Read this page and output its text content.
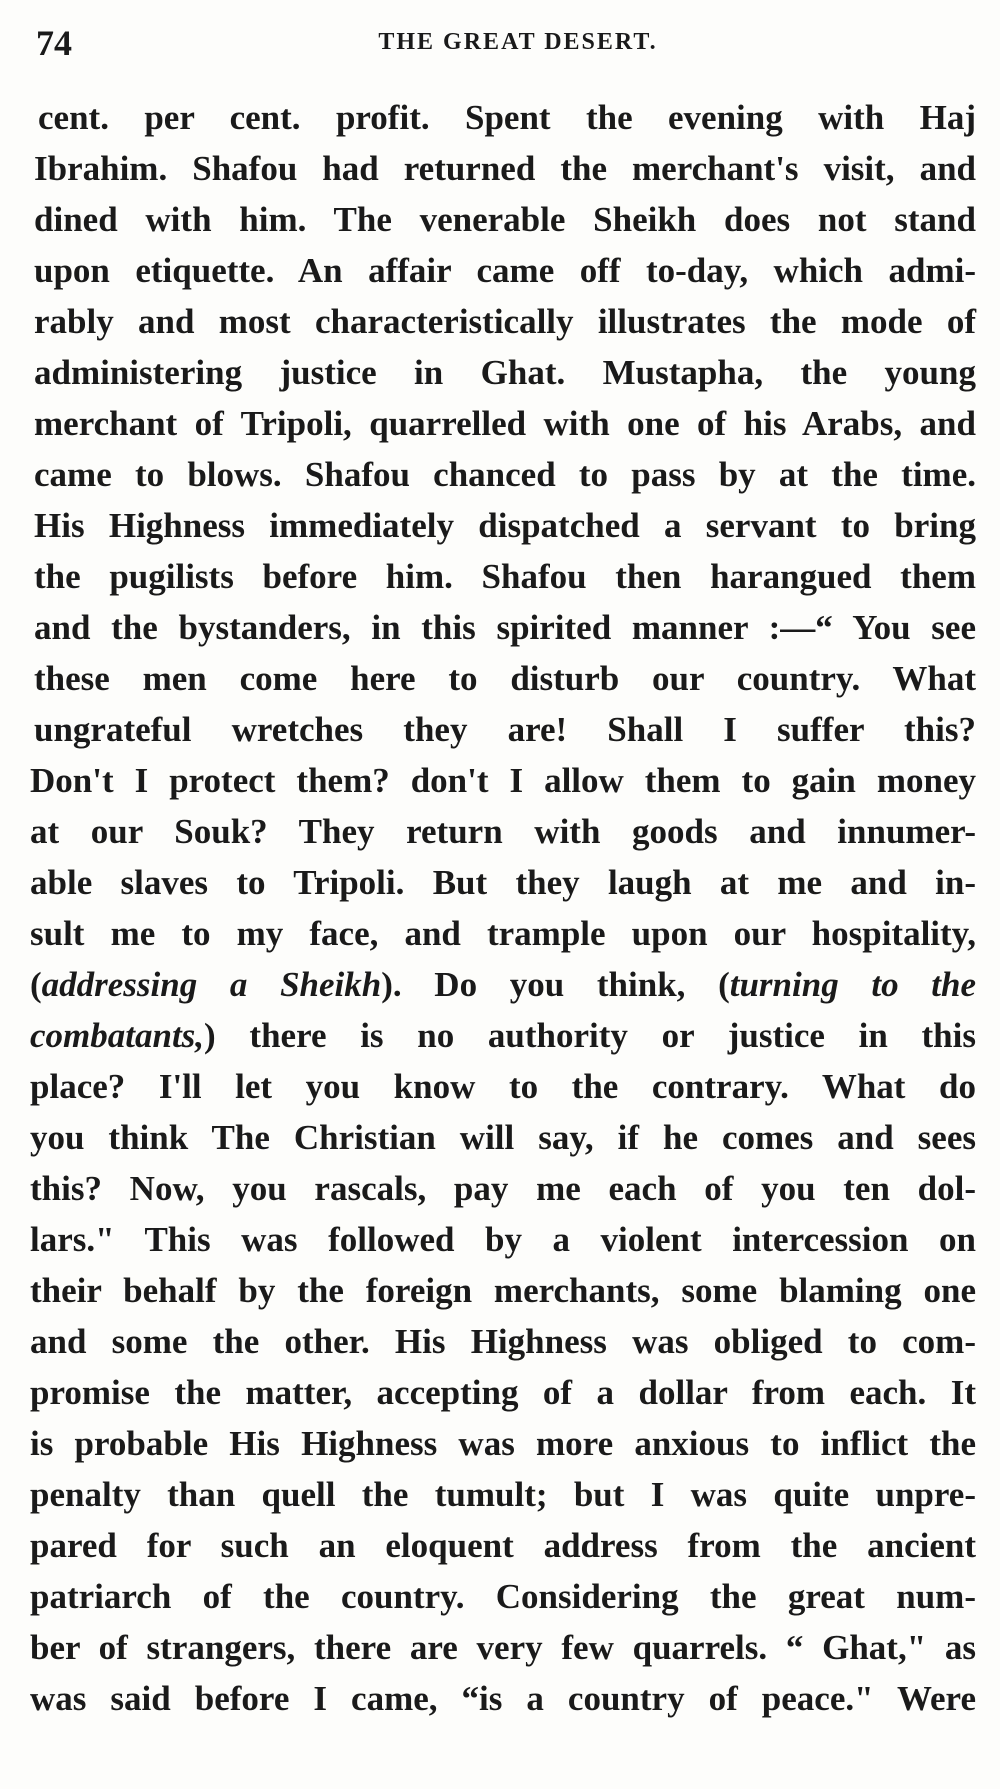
74	THE GREAT DESERT.
cent. per cent. profit. Spent the evening with Haj
Ibrahim. Shafou had returned the merchant's visit, and
dined with him. The venerable Sheikh does not stand
upon etiquette. An affair came off to-day, which admi-
rably and most characteristically illustrates the mode of
administering justice in Ghat. Mustapha, the young
merchant of Tripoli, quarrelled with one of his Arabs, and
came to blows. Shafou chanced to pass by at the time.
His Highness immediately dispatched a servant to bring
the pugilists before him. Shafou then harangued them
and the bystanders, in this spirited manner :—“ You see
these men come here to disturb our country. What
ungrateful wretches they are! Shall I suffer this?
Don't I protect them? don't I allow them to gain money
at our Souk? They return with goods and innumer-
able slaves to Tripoli. But they laugh at me and in-
sult me to my face, and trample upon our hospitality,
(addressing a Sheikh). Do you think, (turning to the
combatants,) there is no authority or justice in this
place? I'll let you know to the contrary. What do
you think The Christian will say, if he comes and sees
this? Now, you rascals, pay me each of you ten dol-
lars." This was followed by a violent intercession on
their behalf by the foreign merchants, some blaming one
and some the other. His Highness was obliged to com-
promise the matter, accepting of a dollar from each. It
is probable His Highness was more anxious to inflict the
penalty than quell the tumult; but I was quite unpre-
pared for such an eloquent address from the ancient
patriarch of the country. Considering the great num-
ber of strangers, there are very few quarrels. “ Ghat," as
was said before I came, “is a country of peace." Were
